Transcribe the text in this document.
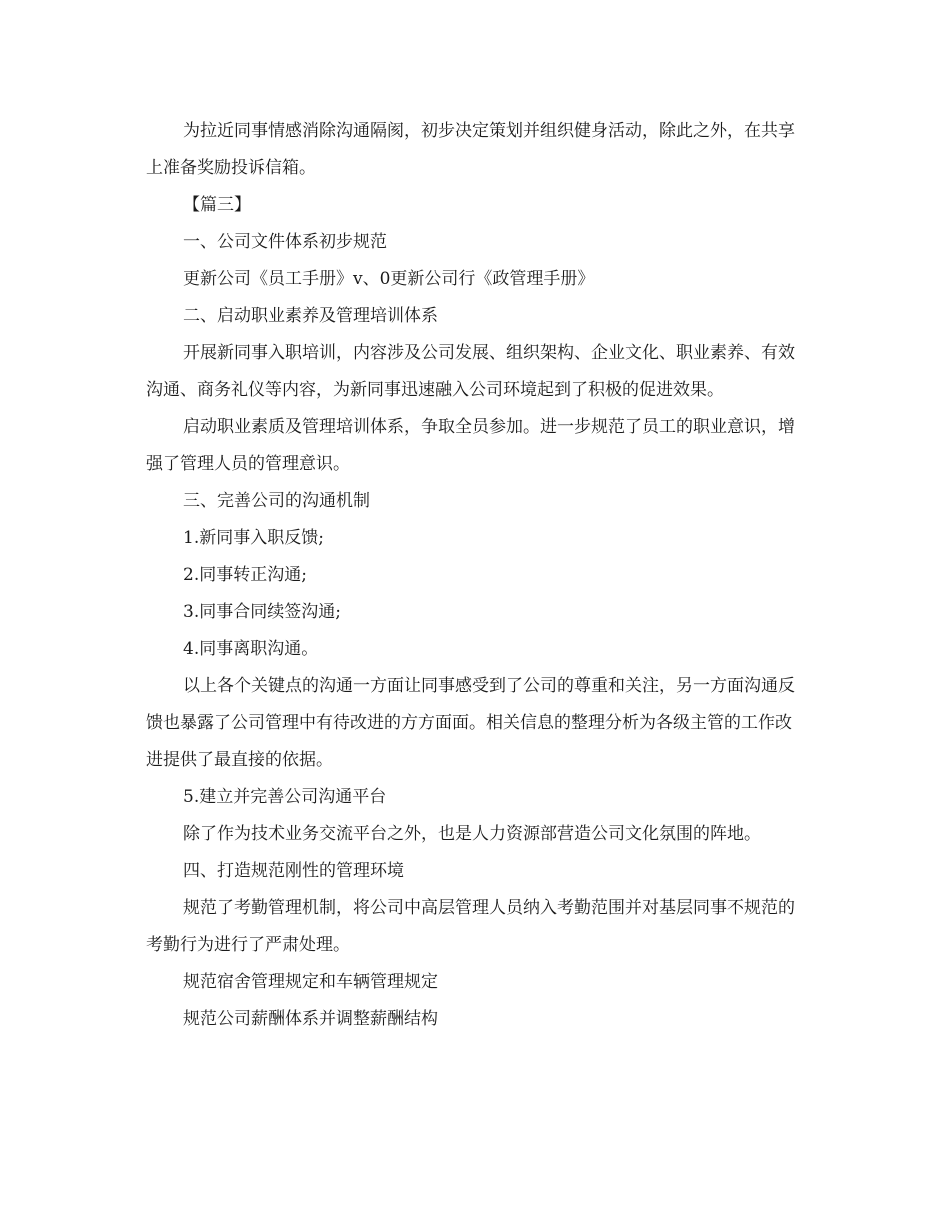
为拉近同事情感消除沟通隔阂，初步决定策划并组织健身活动，除此之外，在共享上准备奖励投诉信箱。

【篇三】

一、公司文件体系初步规范

更新公司《员工手册》v、0更新公司行《政管理手册》

二、启动职业素养及管理培训体系

开展新同事入职培训，内容涉及公司发展、组织架构、企业文化、职业素养、有效沟通、商务礼仪等内容，为新同事迅速融入公司环境起到了积极的促进效果。

启动职业素质及管理培训体系，争取全员参加。进一步规范了员工的职业意识，增强了管理人员的管理意识。

三、完善公司的沟通机制

1.新同事入职反馈;

2.同事转正沟通;

3.同事合同续签沟通;

4.同事离职沟通。

以上各个关键点的沟通一方面让同事感受到了公司的尊重和关注，另一方面沟通反馈也暴露了公司管理中有待改进的方方面面。相关信息的整理分析为各级主管的工作改进提供了最直接的依据。

5.建立并完善公司沟通平台

除了作为技术业务交流平台之外，也是人力资源部营造公司文化氛围的阵地。

四、打造规范刚性的管理环境

规范了考勤管理机制，将公司中高层管理人员纳入考勤范围并对基层同事不规范的考勤行为进行了严肃处理。

规范宿舍管理规定和车辆管理规定

规范公司薪酬体系并调整薪酬结构
